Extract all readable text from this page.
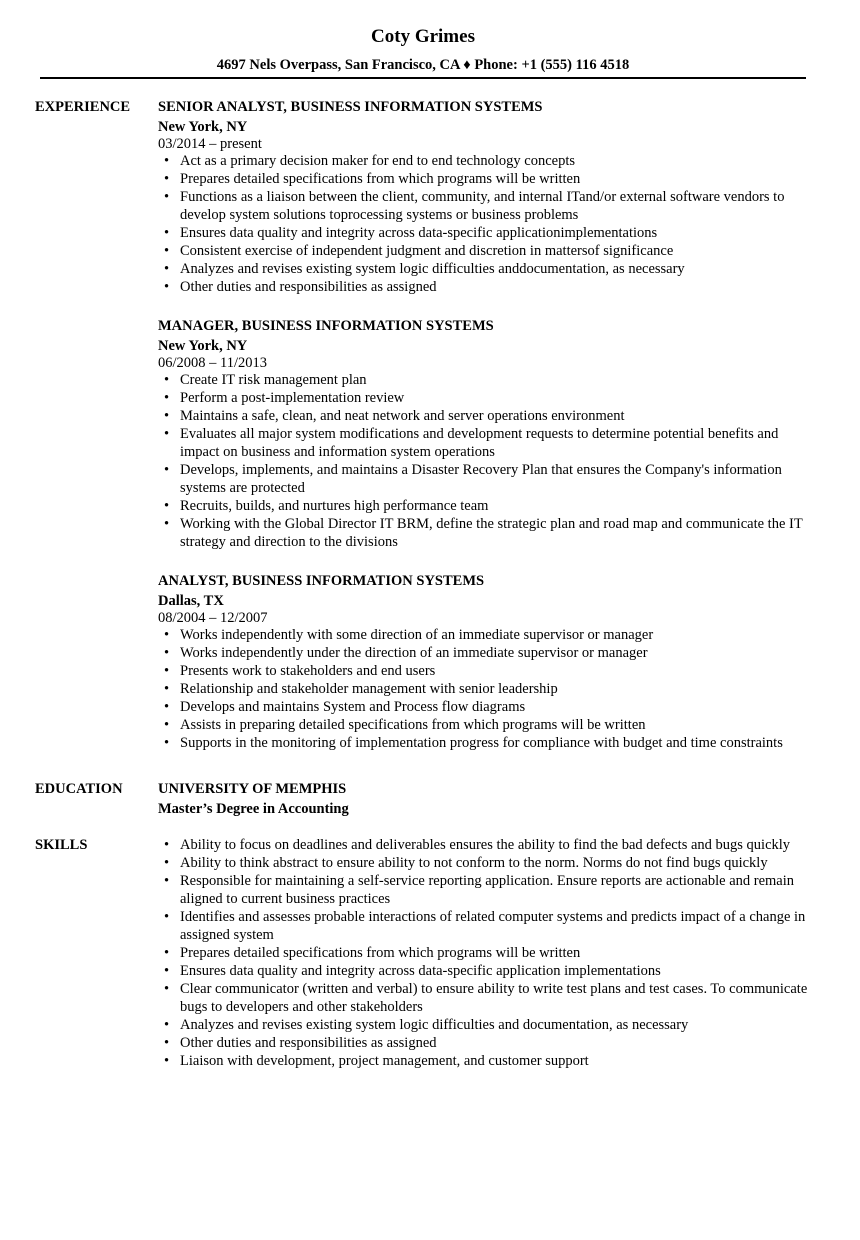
Coty Grimes
4697 Nels Overpass, San Francisco, CA ♦ Phone: +1 (555) 116 4518
EXPERIENCE SENIOR ANALYST, BUSINESS INFORMATION SYSTEMS
New York, NY
03/2014 – present
• Act as a primary decision maker for end to end technology concepts
• Prepares detailed specifications from which programs will be written
• Functions as a liaison between the client, community, and internal ITand/or external software vendors to develop system solutions toprocessing systems or business problems
• Ensures data quality and integrity across data-specific applicationimplementations
• Consistent exercise of independent judgment and discretion in mattersof significance
• Analyzes and revises existing system logic difficulties anddocumentation, as necessary
• Other duties and responsibilities as assigned
MANAGER, BUSINESS INFORMATION SYSTEMS
New York, NY
06/2008 – 11/2013
• Create IT risk management plan
• Perform a post-implementation review
• Maintains a safe, clean, and neat network and server operations environment
• Evaluates all major system modifications and development requests to determine potential benefits and impact on business and information system operations
• Develops, implements, and maintains a Disaster Recovery Plan that ensures the Company's information systems are protected
• Recruits, builds, and nurtures high performance team
• Working with the Global Director IT BRM, define the strategic plan and road map and communicate the IT strategy and direction to the divisions
ANALYST, BUSINESS INFORMATION SYSTEMS
Dallas, TX
08/2004 – 12/2007
• Works independently with some direction of an immediate supervisor or manager
• Works independently under the direction of an immediate supervisor or manager
• Presents work to stakeholders and end users
• Relationship and stakeholder management with senior leadership
• Develops and maintains System and Process flow diagrams
• Assists in preparing detailed specifications from which programs will be written
• Supports in the monitoring of implementation progress for compliance with budget and time constraints
EDUCATION UNIVERSITY OF MEMPHIS
Master’s Degree in Accounting
SKILLS	• Ability to focus on deadlines and deliverables ensures the ability to find the bad defects and bugs quickly
• Ability to think abstract to ensure ability to not conform to the norm. Norms do not find bugs quickly
• Responsible for maintaining a self-service reporting application. Ensure reports are actionable and remain aligned to current business practices
• Identifies and assesses probable interactions of related computer systems and predicts impact of a change in assigned system
• Prepares detailed specifications from which programs will be written
• Ensures data quality and integrity across data-specific application implementations
• Clear communicator (written and verbal) to ensure ability to write test plans and test cases. To communicate bugs to developers and other stakeholders
• Analyzes and revises existing system logic difficulties and documentation, as necessary
• Other duties and responsibilities as assigned
• Liaison with development, project management, and customer support
